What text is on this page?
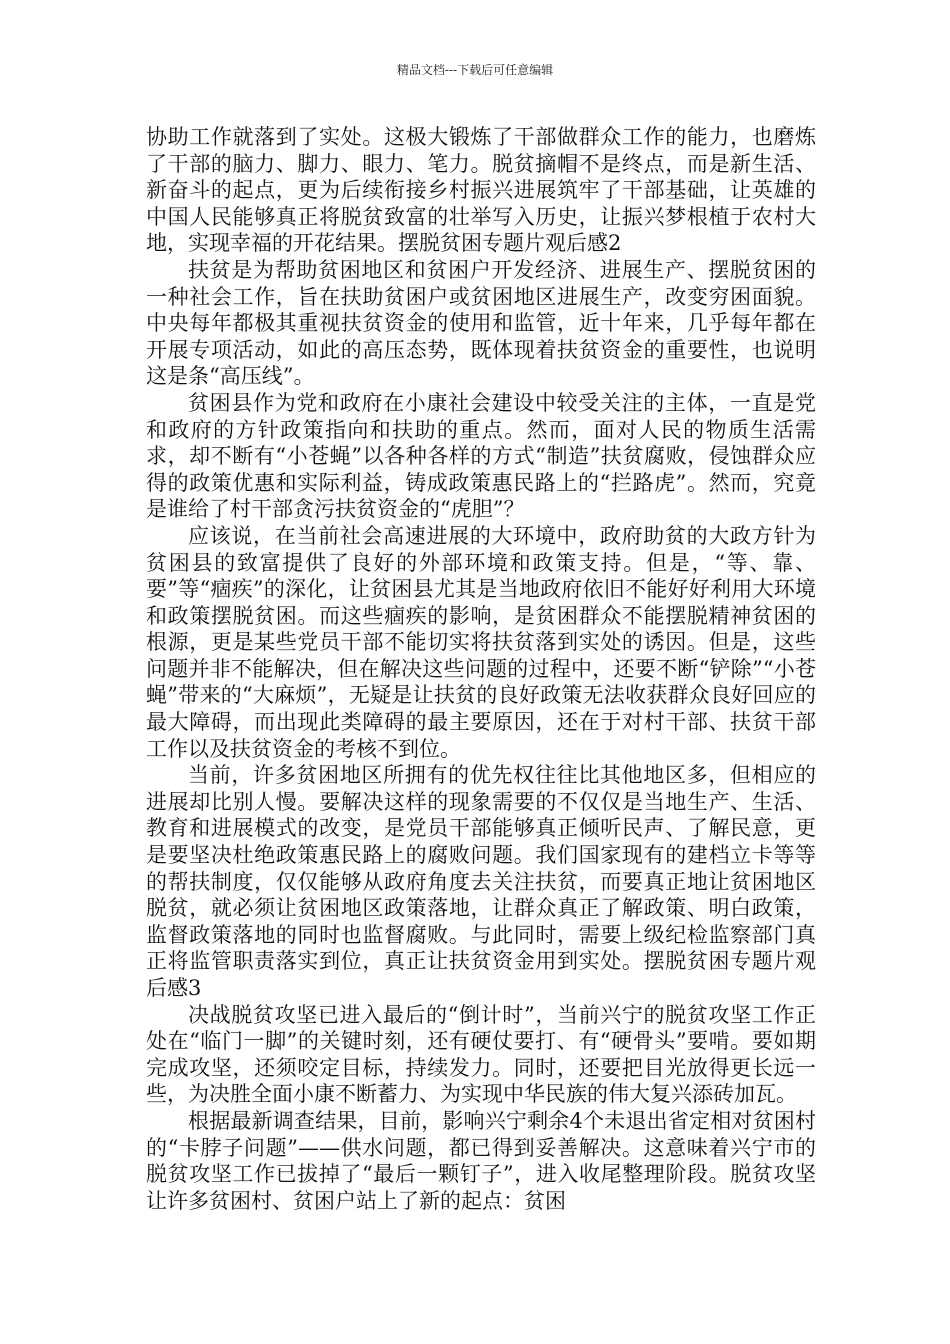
精品文档---下载后可任意编辑

协助工作就落到了实处。这极大锻炼了干部做群众工作的能力，也磨炼了干部的脑力、脚力、眼力、笔力。脱贫摘帽不是终点，而是新生活、新奋斗的起点，更为后续衔接乡村振兴进展筑牢了干部基础，让英雄的中国人民能够真正将脱贫致富的壮举写入历史，让振兴梦根植于农村大地，实现幸福的开花结果。摆脱贫困专题片观后感2

扶贫是为帮助贫困地区和贫困户开发经济、进展生产、摆脱贫困的一种社会工作，旨在扶助贫困户或贫困地区进展生产，改变穷困面貌。中央每年都极其重视扶贫资金的使用和监管，近十年来，几乎每年都在开展专项活动，如此的高压态势，既体现着扶贫资金的重要性，也说明这是条“高压线”。

贫困县作为党和政府在小康社会建设中较受关注的主体，一直是党和政府的方针政策指向和扶助的重点。然而，面对人民的物质生活需求，却不断有“小苍蝇”以各种各样的方式“制造”扶贫腐败，侵蚀群众应得的政策优惠和实际利益，铸成政策惠民路上的“拦路虎”。然而，究竟是谁给了村干部贪污扶贫资金的“虎胆”？

应该说，在当前社会高速进展的大环境中，政府助贫的大政方针为贫困县的致富提供了良好的外部环境和政策支持。但是，“等、靠、要”等“痼疾”的深化，让贫困县尤其是当地政府依旧不能好好利用大环境和政策摆脱贫困。而这些痼疾的影响，是贫困群众不能摆脱精神贫困的根源，更是某些党员干部不能切实将扶贫落到实处的诱因。但是，这些问题并非不能解决，但在解决这些问题的过程中，还要不断“铲除”“小苍蝇”带来的“大麻烦”，无疑是让扶贫的良好政策无法收获群众良好回应的最大障碍，而出现此类障碍的最主要原因，还在于对村干部、扶贫干部工作以及扶贫资金的考核不到位。

当前，许多贫困地区所拥有的优先权往往比其他地区多，但相应的进展却比别人慢。要解决这样的现象需要的不仅仅是当地生产、生活、教育和进展模式的改变，是党员干部能够真正倾听民声、了解民意，更是要坚决杜绝政策惠民路上的腐败问题。我们国家现有的建档立卡等等的帮扶制度，仅仅能够从政府角度去关注扶贫，而要真正地让贫困地区脱贫，就必须让贫困地区政策落地，让群众真正了解政策、明白政策，监督政策落地的同时也监督腐败。与此同时，需要上级纪检监察部门真正将监管职责落实到位，真正让扶贫资金用到实处。摆脱贫困专题片观后感3

决战脱贫攻坚已进入最后的“倒计时”，当前兴宁的脱贫攻坚工作正处在“临门一脚”的关键时刻，还有硬仗要打、有“硬骨头”要啃。要如期完成攻坚，还须咬定目标，持续发力。同时，还要把目光放得更长远一些，为决胜全面小康不断蓄力、为实现中华民族的伟大复兴添砖加瓦。

根据最新调查结果，目前，影响兴宁剩余4个未退出省定相对贫困村的“卡脖子问题”——供水问题，都已得到妥善解决。这意味着兴宁市的脱贫攻坚工作已拔掉了“最后一颗钉子”，进入收尾整理阶段。脱贫攻坚让许多贫困村、贫困户站上了新的起点：贫困
